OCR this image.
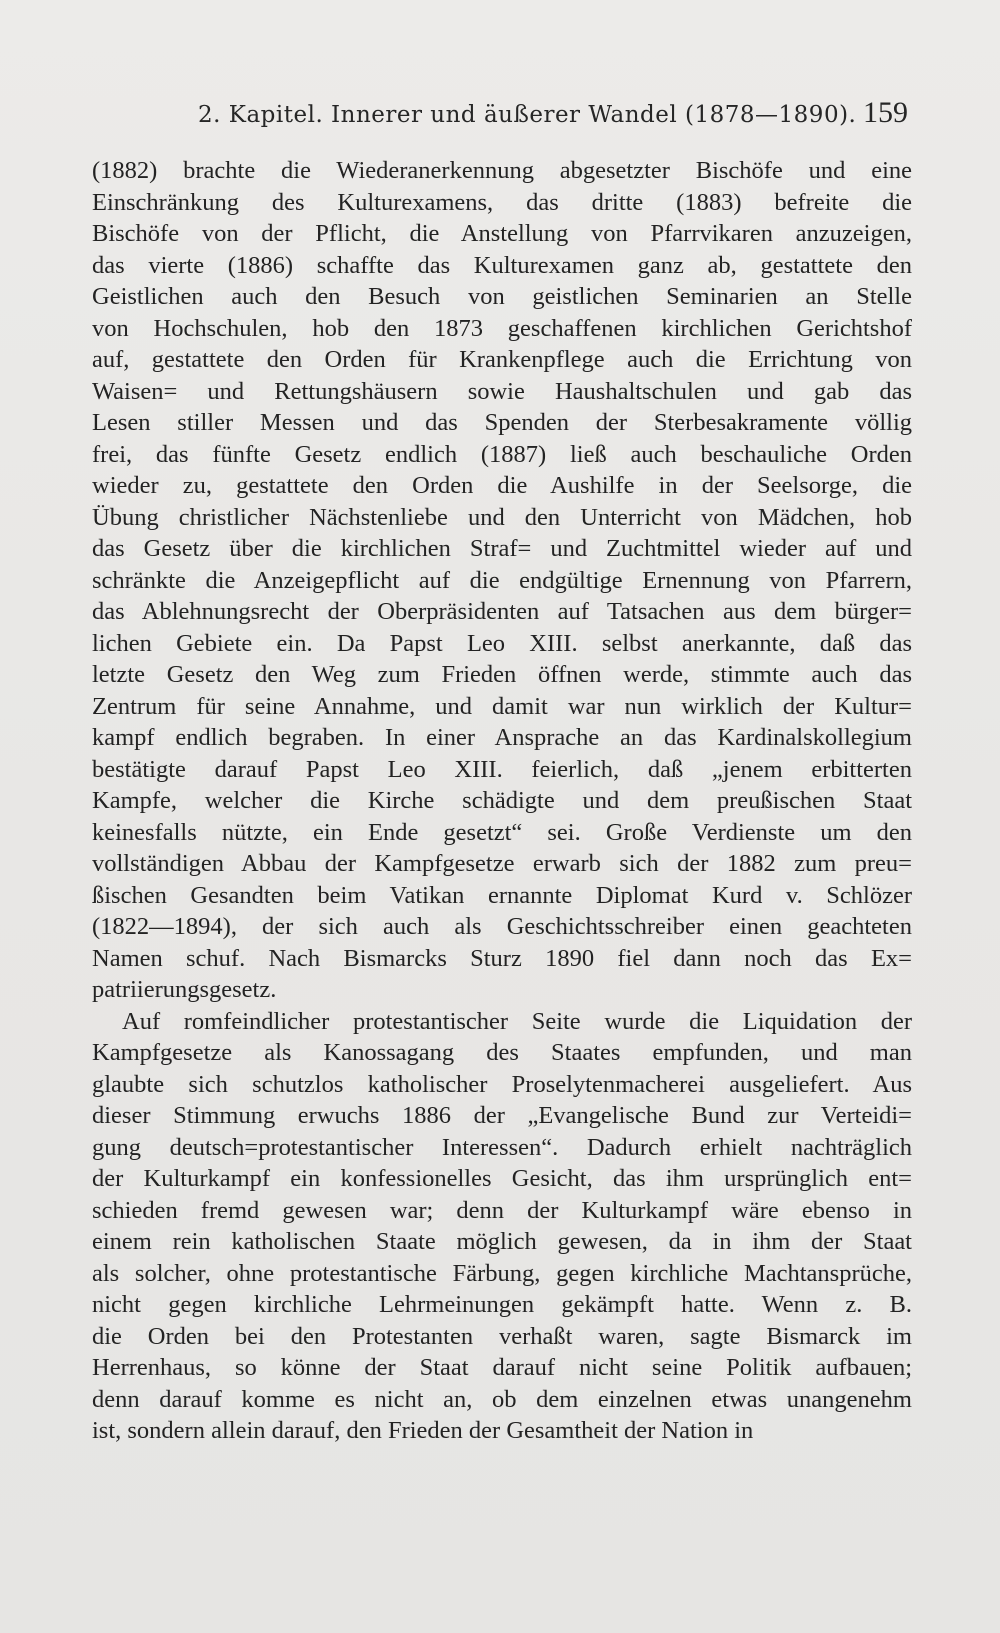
2. Kapitel. Innerer und äußerer Wandel (1878—1890). 159
(1882) brachte die Wiederanerkennung abgesetzter Bischöfe und eine
Einschränkung des Kulturexamens, das dritte (1883) befreite die
Bischöfe von der Pflicht, die Anstellung von Pfarrvikaren anzuzeigen,
das vierte (1886) schaffte das Kulturexamen ganz ab, gestattete den
Geistlichen auch den Besuch von geistlichen Seminarien an Stelle
von Hochschulen, hob den 1873 geschaffenen kirchlichen Gerichtshof
auf, gestattete den Orden für Krankenpflege auch die Errichtung von
Waisen= und Rettungshäusern sowie Haushaltschulen und gab das
Lesen stiller Messen und das Spenden der Sterbesakramente völlig
frei, das fünfte Gesetz endlich (1887) ließ auch beschauliche Orden
wieder zu, gestattete den Orden die Aushilfe in der Seelsorge, die
Übung christlicher Nächstenliebe und den Unterricht von Mädchen, hob
das Gesetz über die kirchlichen Straf= und Zuchtmittel wieder auf und
schränkte die Anzeigepflicht auf die endgültige Ernennung von Pfarrern,
das Ablehnungsrecht der Oberpräsidenten auf Tatsachen aus dem bürger=
lichen Gebiete ein. Da Papst Leo XIII. selbst anerkannte, daß das
letzte Gesetz den Weg zum Frieden öffnen werde, stimmte auch das
Zentrum für seine Annahme, und damit war nun wirklich der Kultur=
kampf endlich begraben. In einer Ansprache an das Kardinalskollegium
bestätigte darauf Papst Leo XIII. feierlich, daß „jenem erbitterten
Kampfe, welcher die Kirche schädigte und dem preußischen Staat
keinesfalls nützte, ein Ende gesetzt“ sei. Große Verdienste um den
vollständigen Abbau der Kampfgesetze erwarb sich der 1882 zum preu=
ßischen Gesandten beim Vatikan ernannte Diplomat Kurd v. Schlözer
(1822—1894), der sich auch als Geschichtsschreiber einen geachteten
Namen schuf. Nach Bismarcks Sturz 1890 fiel dann noch das Ex=
patriierungsgesetz.
Auf romfeindlicher protestantischer Seite wurde die Liquidation der
Kampfgesetze als Kanossagang des Staates empfunden, und man
glaubte sich schutzlos katholischer Proselytenmacherei ausgeliefert. Aus
dieser Stimmung erwuchs 1886 der „Evangelische Bund zur Verteidi=
gung deutsch=protestantischer Interessen“. Dadurch erhielt nachträglich
der Kulturkampf ein konfessionelles Gesicht, das ihm ursprünglich ent=
schieden fremd gewesen war; denn der Kulturkampf wäre ebenso in
einem rein katholischen Staate möglich gewesen, da in ihm der Staat
als solcher, ohne protestantische Färbung, gegen kirchliche Machtansprüche,
nicht gegen kirchliche Lehrmeinungen gekämpft hatte. Wenn z. B.
die Orden bei den Protestanten verhaßt waren, sagte Bismarck im
Herrenhaus, so könne der Staat darauf nicht seine Politik aufbauen;
denn darauf komme es nicht an, ob dem einzelnen etwas unangenehm
ist, sondern allein darauf, den Frieden der Gesamtheit der Nation in
